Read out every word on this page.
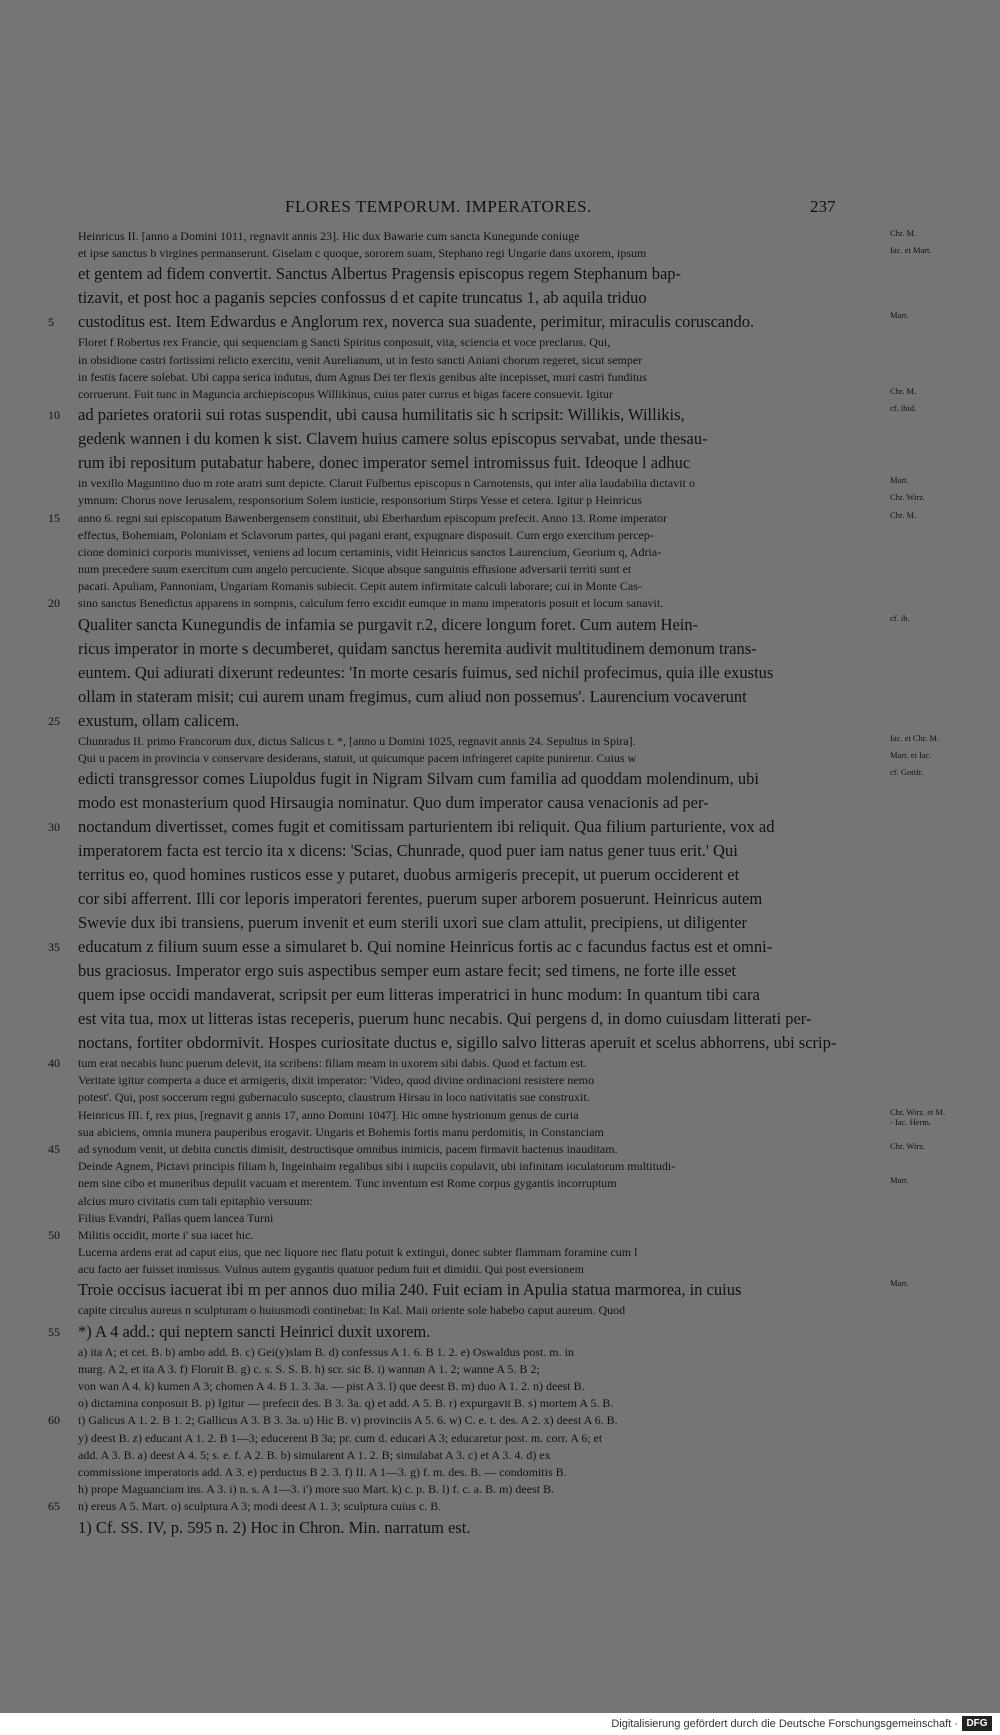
FLORES TEMPORUM. IMPERATORES.	237
Heinricus II. [anno a Domini 1011, regnavit annis 23]. Hic dux Bawarie cum sancta Kunegunde coniuge	Chr. M.
et ipse sanctus b virgines permanserunt. Giselam c quoque, sororem suam, Stephano regi Ungarie dans uxorem, ipsum	Iac. et Mart.
et gentem ad fidem convertit. Sanctus Albertus Pragensis episcopus regem Stephanum bap-
tizavit, et post hoc a paganis sepcies confossus d et capite truncatus 1, ab aquila triduo
5	custoditus est. Item Edwardus e Anglorum rex, noverca sua suadente, perimitur, miraculis coruscando.	Mart.
Floret f Robertus rex Francie, qui sequenciam g Sancti Spiritus conposuit, vita, sciencia et voce preclarus. Qui,
in obsidione castri fortissimi relicto exercitu, venit Aurelianum, ut in festo sancti Aniani chorum regeret, sicut semper
in festis facere solebat. Ubi cappa serica indutus, dum Agnus Dei ter flexis genibus alte incepisset, muri castri funditus
corruerunt. Fuit tunc in Maguncia archiepiscopus Willikinus, cuius pater currus et bigas facere consuevit. Igitur	Chr. M.
10	ad parietes oratorii sui rotas suspendit, ubi causa humilitatis sic h scripsit: Willikis, Willikis,	cf. ibid.
gedenk wannen i du komen k sist. Clavem huius camere solus episcopus servabat, unde thesau-
rum ibi repositum putabatur habere, donec imperator semel intromissus fuit. Ideoque l adhuc
in vexillo Maguntino duo m rote aratri sunt depicte. Claruit Fulbertus episcopus n Carnotensis, qui inter alia laudabilia dictavit o	Mart.
ymnum: Chorus nove Ierusalem, responsorium Solem iusticie, responsorium Stirps Yesse et cetera. Igitur p Heinricus	Chr. Wirz.
15	anno 6. regni sui episcopatum Bawenbergensem constituit, ubi Eberhardum episcopum prefecit. Anno 13. Rome imperator	Chr. M.
effectus, Bohemiam, Poloniam et Sclavorum partes, qui pagani erant, expugnare disposuit. Cum ergo exercitum percep-
cione dominici corporis munivisset, veniens ad locum certaminis, vidit Heinricus sanctos Laurencium, Georium q, Adria-
num precedere suum exercitum cum angelo percuciente. Sicque absque sanguinis effusione adversarii territi sunt et
pacati. Apuliam, Pannoniam, Ungariam Romanis subiecit. Cepit autem infirmitate calculi laborare; cui in Monte Cas-
20	sino sanctus Benedictus apparens in sompnis, calculum ferro excidit eumque in manu imperatoris posuit et locum sanavit.
Qualiter sancta Kunegundis de infamia se purgavit r.2, dicere longum foret. Cum autem Hein-	cf. ib.
ricus imperator in morte s decumberet, quidam sanctus heremita audivit multitudinem demonum trans-
euntem. Qui adiurati dixerunt redeuntes: 'In morte cesaris fuimus, sed nichil profecimus, quia ille exustus
ollam in stateram misit; cui aurem unam fregimus, cum aliud non possemus'. Laurencium vocaverunt
25	exustum, ollam calicem.
Chunradus II. primo Francorum dux, dictus Salicus t. *, [anno u Domini 1025, regnavit annis 24. Sepultus in Spira].	Iac. et Chr. M.
Qui u pacem in provincia v conservare desiderans, statuit, ut quicumque pacem infringeret capite puniretur. Cuius w	Mart. et Iac.
edicti transgressor comes Liupoldus fugit in Nigram Silvam cum familia ad quoddam molendinum, ubi	cf. Gotifr.
modo est monasterium quod Hirsaugia nominatur. Quo dum imperator causa venacionis ad per-
30	noctandum divertisset, comes fugit et comitissam parturientem ibi reliquit. Qua filium parturiente, vox ad
imperatorem facta est tercio ita x dicens: 'Scias, Chunrade, quod puer iam natus gener tuus erit.' Qui
territus eo, quod homines rusticos esse y putaret, duobus armigeris precepit, ut puerum occiderent et
cor sibi afferrent. Illi cor leporis imperatori ferentes, puerum super arborem posuerunt. Heinricus autem
Swevie dux ibi transiens, puerum invenit et eum sterili uxori sue clam attulit, precipiens, ut diligenter
35	educatum z filium suum esse a simularet b. Qui nomine Heinricus fortis ac c facundus factus est et omni-
bus graciosus. Imperator ergo suis aspectibus semper eum astare fecit; sed timens, ne forte ille esset
quem ipse occidi mandaverat, scripsit per eum litteras imperatrici in hunc modum: In quantum tibi cara
est vita tua, mox ut litteras istas receperis, puerum hunc necabis. Qui pergens d, in domo cuiusdam litterati per-
noctans, fortiter obdormivit. Hospes curiositate ductus e, sigillo salvo litteras aperuit et scelus abhorrens, ubi scrip-
40	tum erat necabis hunc puerum delevit, ita scribens: filiam meam in uxorem sibi dabis. Quod et factum est.
Veritate igitur comperta a duce et armigeris, dixit imperator: 'Video, quod divine ordinacioni resistere nemo
potest'. Qui, post soccerum regni gubernaculo suscepto, claustrum Hirsau in loco nativitatis sue construxit.
Heinricus III. f, rex pius, [regnavit g annis 17, anno Domini 1047]. Hic omne hystrionum genus de curia	Chr. Wirz. et M. - Iac. Herm.
sua abiciens, omnia munera pauperibus erogavit. Ungaris et Bohemis fortis manu perdomitis, in Constanciam
45	ad synodum venit, ut debita cunctis dimisit, destructisque omnibus inimicis, pacem firmavit hactenus inauditam.	Chr. Wirz.
Deinde Agnem, Pictavi principis filiam h, Ingeinhaim regalibus sibi i nupciis copulavit, ubi infinitam ioculatorum multitudi-
nem sine cibo et muneribus depulit vacuam et merentem. Tunc inventum est Rome corpus gygantis incorruptum	Mart.
alcius muro civitatis cum tali epitaphio versuum:
Filius Evandri, Pallas quem lancea Turni
50	Militis occidit, morte i' sua iacet hic.
Lucerna ardens erat ad caput eius, que nec liquore nec flatu potuit k extingui, donec subter flammam foramine cum l
acu facto aer fuisset inmissus. Vulnus autem gygantis quatuor pedum fuit et dimidii. Qui post eversionem
Troie occisus iacuerat ibi m per annos duo milia 240. Fuit eciam in Apulia statua marmorea, in cuius	Mart.
capite circulus aureus n sculpturam o huiusmodi continebat: In Kal. Maii oriente sole habebo caput aureum. Quod
55	*) A 4 add.: qui neptem sancti Heinrici duxit uxorem.
a) ita A; et cet. B. b) ambo add. B. c) Gei(y)slam B. d) confessus A 1. 6. B 1. 2. e) Oswaldus post. m. in
marg. A 2, et ita A 3. f) Floruit B. g) c. s. S. S. B. h) scr. sic B. i) wannan A 1. 2; wanne A 5. B 2;
von wan A 4. k) kumen A 3; chomen A 4. B 1. 3. 3a. — pist A 3. l) que deest B. m) duo A 1. 2. n) deest B.
o) dictamina conposuit B. p) Igitur — prefecit des. B 3. 3a. q) et add. A 5. B. r) expurgavit B. s) mortem A 5. B.
60	t) Galicus A 1. 2. B 1. 2; Gallicus A 3. B 3. 3a. u) Hic B. v) provinciis A 5. 6. w) C. e. t. des. A 2. x) deest A 6. B.
y) deest B. z) educant A 1. 2. B 1—3; educerent B 3a; pr. cum d. educari A 3; educaretur post. m. corr. A 6; et
add. A 3. B. a) deest A 4. 5; s. e. f. A 2. B. b) simularent A 1. 2. B; simulabat A 3. c) et A 3. 4. d) ex
commissione imperatoris add. A 3. e) perductus B 2. 3. f) II. A 1—3. g) f. m. des. B. — condomitis B.
h) prope Maguanciam ins. A 3. i) n. s. A 1—3. i') more suo Mart. k) c. p. B. l) f. c. a. B. m) deest B.
65	n) ereus A 5. Mart. o) sculptura A 3; modi deest A 1. 3; sculptura cuius c. B.
1) Cf. SS. IV, p. 595 n. 2) Hoc in Chron. Min. narratum est.
Digitalisierung gefördert durch die Deutsche Forschungsgemeinschaft · DFG
